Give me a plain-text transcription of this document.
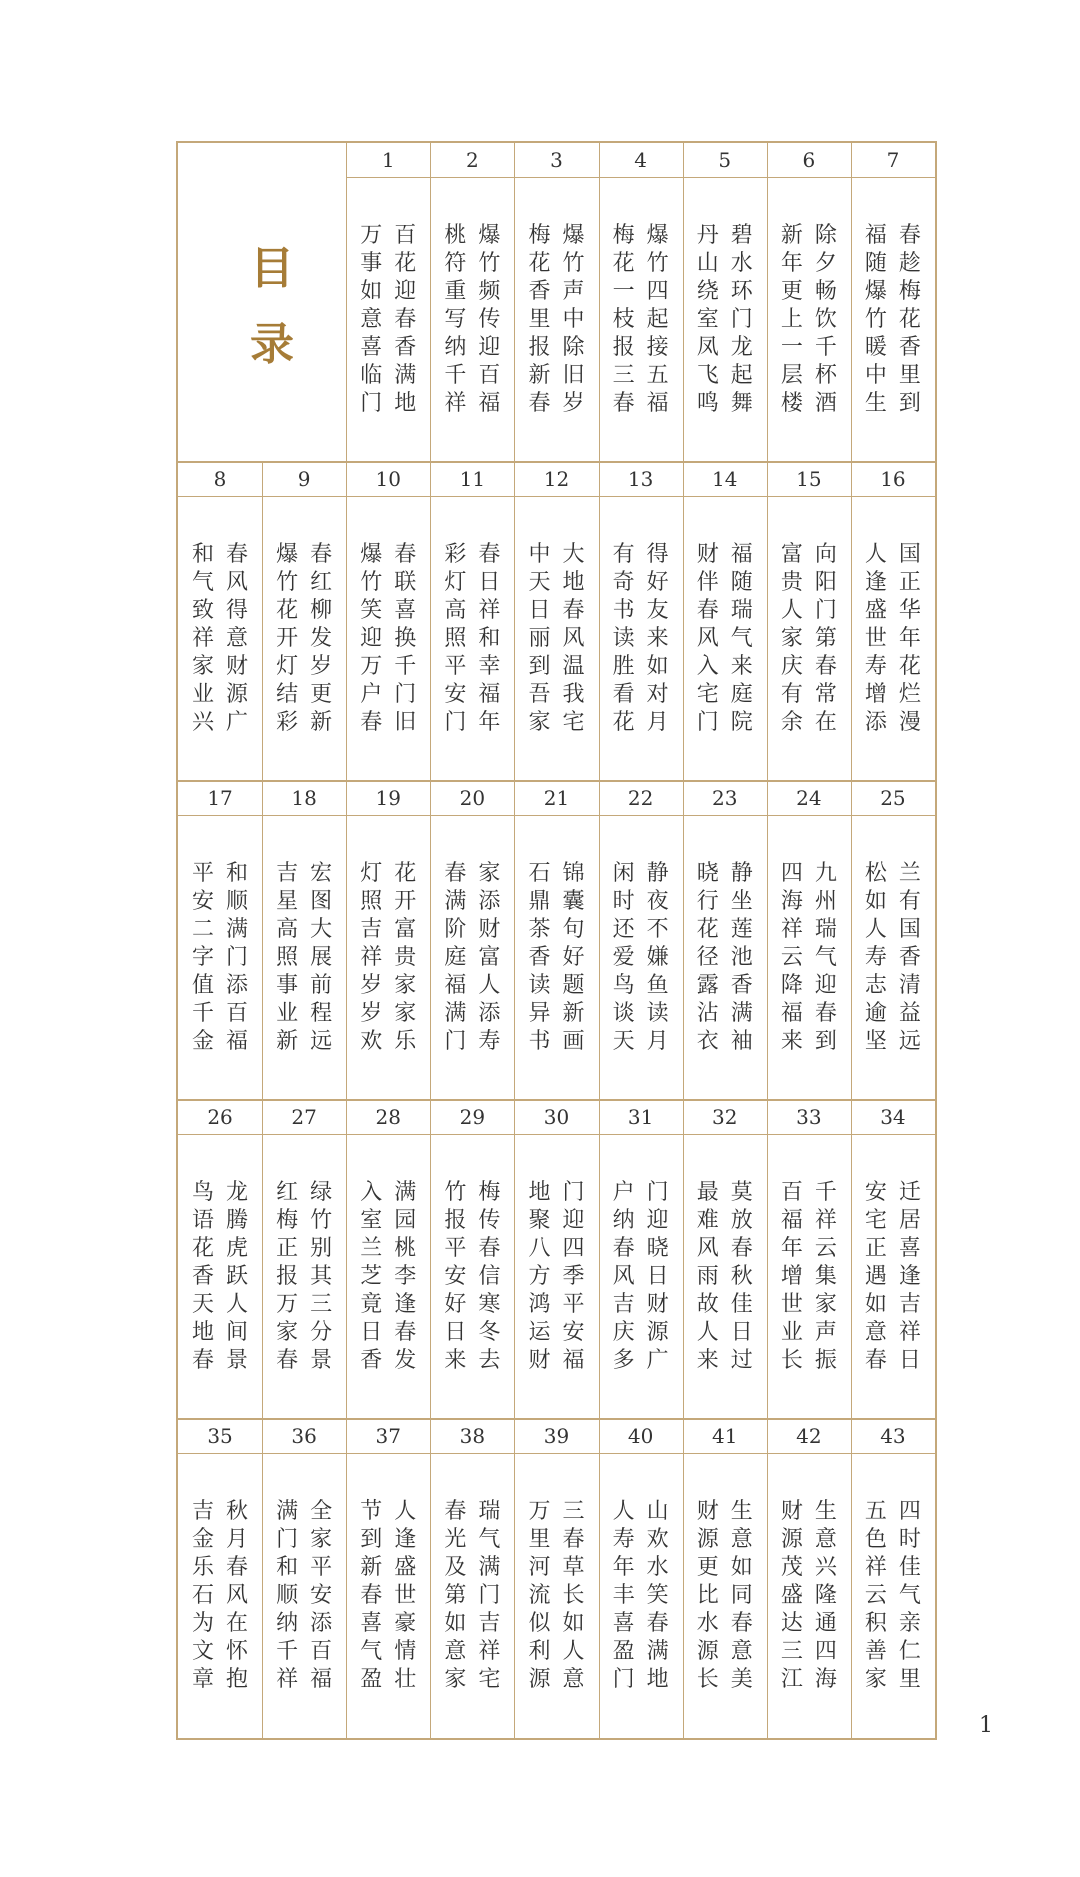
目
录
1
万
事
如
意
喜
临
门
百
花
迎
春
香
满
地
2
桃
符
重
写
纳
千
祥
爆
竹
频
传
迎
百
福
3
梅
花
香
里
报
新
春
爆
竹
声
中
除
旧
岁
4
梅
花
一
枝
报
三
春
爆
竹
四
起
接
五
福
5
丹
山
绕
室
凤
飞
鸣
碧
水
环
门
龙
起
舞
6
新
年
更
上
一
层
楼
除
夕
畅
饮
千
杯
酒
7
福
随
爆
竹
暖
中
生
春
趁
梅
花
香
里
到
8
和
气
致
祥
家
业
兴
春
风
得
意
财
源
广
9
爆
竹
花
开
灯
结
彩
春
红
柳
发
岁
更
新
10
爆
竹
笑
迎
万
户
春
春
联
喜
换
千
门
旧
11
彩
灯
高
照
平
安
门
春
日
祥
和
幸
福
年
12
中
天
日
丽
到
吾
家
大
地
春
风
温
我
宅
13
有
奇
书
读
胜
看
花
得
好
友
来
如
对
月
14
财
伴
春
风
入
宅
门
福
随
瑞
气
来
庭
院
15
富
贵
人
家
庆
有
余
向
阳
门
第
春
常
在
16
人
逢
盛
世
寿
增
添
国
正
华
年
花
烂
漫
17
平
安
二
字
值
千
金
和
顺
满
门
添
百
福
18
吉
星
高
照
事
业
新
宏
图
大
展
前
程
远
19
灯
照
吉
祥
岁
岁
欢
花
开
富
贵
家
家
乐
20
春
满
阶
庭
福
满
门
家
添
财
富
人
添
寿
21
石
鼎
茶
香
读
异
书
锦
囊
句
好
题
新
画
22
闲
时
还
爱
鸟
谈
天
静
夜
不
嫌
鱼
读
月
23
晓
行
花
径
露
沾
衣
静
坐
莲
池
香
满
袖
24
四
海
祥
云
降
福
来
九
州
瑞
气
迎
春
到
25
松
如
人
寿
志
逾
坚
兰
有
国
香
清
益
远
26
鸟
语
花
香
天
地
春
龙
腾
虎
跃
人
间
景
27
红
梅
正
报
万
家
春
绿
竹
别
其
三
分
景
28
入
室
兰
芝
竟
日
香
满
园
桃
李
逢
春
发
29
竹
报
平
安
好
日
来
梅
传
春
信
寒
冬
去
30
地
聚
八
方
鸿
运
财
门
迎
四
季
平
安
福
31
户
纳
春
风
吉
庆
多
门
迎
晓
日
财
源
广
32
最
难
风
雨
故
人
来
莫
放
春
秋
佳
日
过
33
百
福
年
增
世
业
长
千
祥
云
集
家
声
振
34
安
宅
正
遇
如
意
春
迁
居
喜
逢
吉
祥
日
35
吉
金
乐
石
为
文
章
秋
月
春
风
在
怀
抱
36
满
门
和
顺
纳
千
祥
全
家
平
安
添
百
福
37
节
到
新
春
喜
气
盈
人
逢
盛
世
豪
情
壮
38
春
光
及
第
如
意
家
瑞
气
满
门
吉
祥
宅
39
万
里
河
流
似
利
源
三
春
草
长
如
人
意
40
人
寿
年
丰
喜
盈
门
山
欢
水
笑
春
满
地
41
财
源
更
比
水
源
长
生
意
如
同
春
意
美
42
财
源
茂
盛
达
三
江
生
意
兴
隆
通
四
海
43
五
色
祥
云
积
善
家
四
时
佳
气
亲
仁
里
1
